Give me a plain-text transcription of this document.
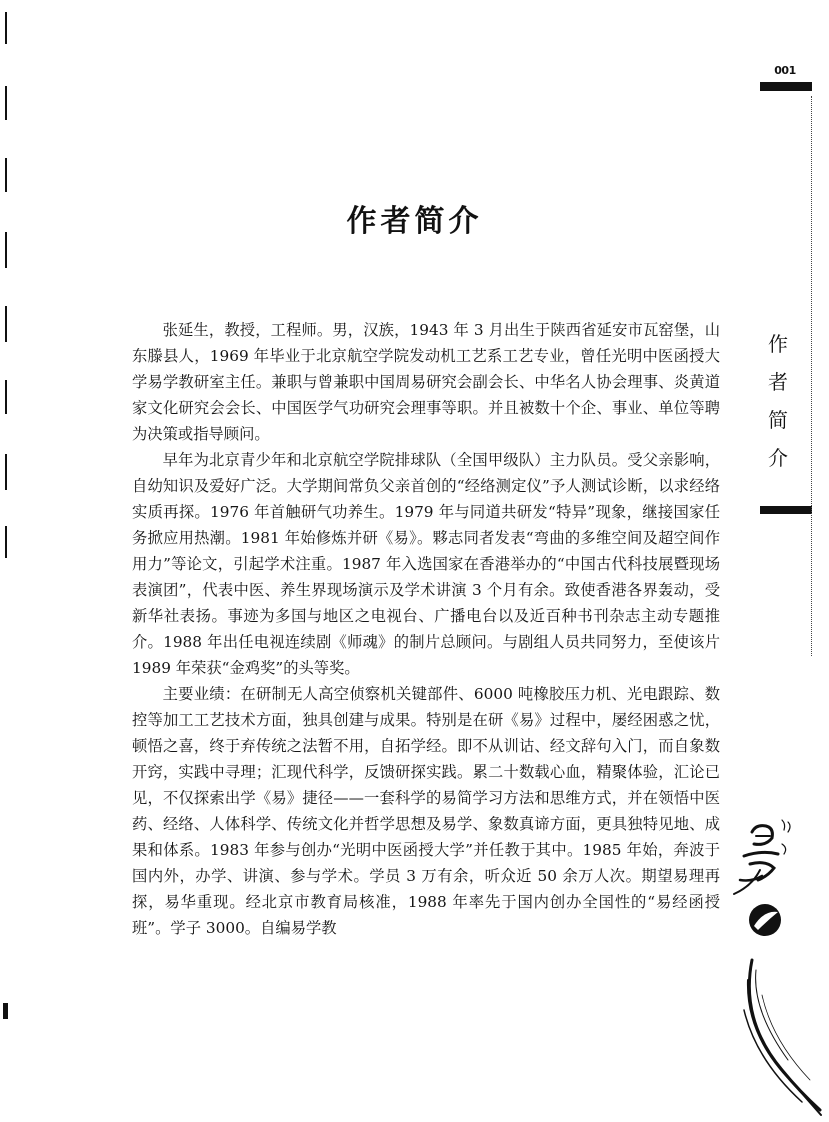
001
作
者
简
介
作者简介

张延生，教授，工程师。男，汉族，1943 年 3 月出生于陕西省延安市瓦窑堡，山东滕县人，1969 年毕业于北京航空学院发动机工艺系工艺专业，曾任光明中医函授大学易学教研室主任。兼职与曾兼职中国周易研究会副会长、中华名人协会理事、炎黄道家文化研究会会长、中国医学气功研究会理事等职。并且被数十个企、事业、单位等聘为决策或指导顾问。

早年为北京青少年和北京航空学院排球队（全国甲级队）主力队员。受父亲影响，自幼知识及爱好广泛。大学期间常负父亲首创的“经络测定仪”予人测试诊断，以求经络实质再探。1976 年首触研气功养生。1979 年与同道共研发“特异”现象，继接国家任务掀应用热潮。1981 年始修炼并研《易》。夥志同者发表“弯曲的多维空间及超空间作用力”等论文，引起学术注重。1987 年入选国家在香港举办的“中国古代科技展暨现场表演团”，代表中医、养生界现场演示及学术讲演 3 个月有余。致使香港各界轰动，受新华社表扬。事迹为多国与地区之电视台、广播电台以及近百种书刊杂志主动专题推介。1988 年出任电视连续剧《师魂》的制片总顾问。与剧组人员共同努力，至使该片 1989 年荣获“金鸡奖”的头等奖。

主要业绩：在研制无人高空侦察机关键部件、6000 吨橡胶压力机、光电跟踪、数控等加工工艺技术方面，独具创建与成果。特别是在研《易》过程中，屡经困惑之忧，顿悟之喜，终于弃传统之法暂不用，自拓学经。即不从训诂、经文辞句入门，而自象数开窍，实践中寻理；汇现代科学，反馈研探实践。累二十数载心血，精聚体验，汇论已见，不仅探索出学《易》捷径——一套科学的易简学习方法和思维方式，并在领悟中医药、经络、人体科学、传统文化并哲学思想及易学、象数真谛方面，更具独特见地、成果和体系。1983 年参与创办“光明中医函授大学”并任教于其中。1985 年始，奔波于国内外，办学、讲演、参与学术。学员 3 万有余，听众近 50 余万人次。期望易理再探，易华重现。经北京市教育局核准，1988 年率先于国内创办全国性的“易经函授班”。学子 3000。自编易学教
